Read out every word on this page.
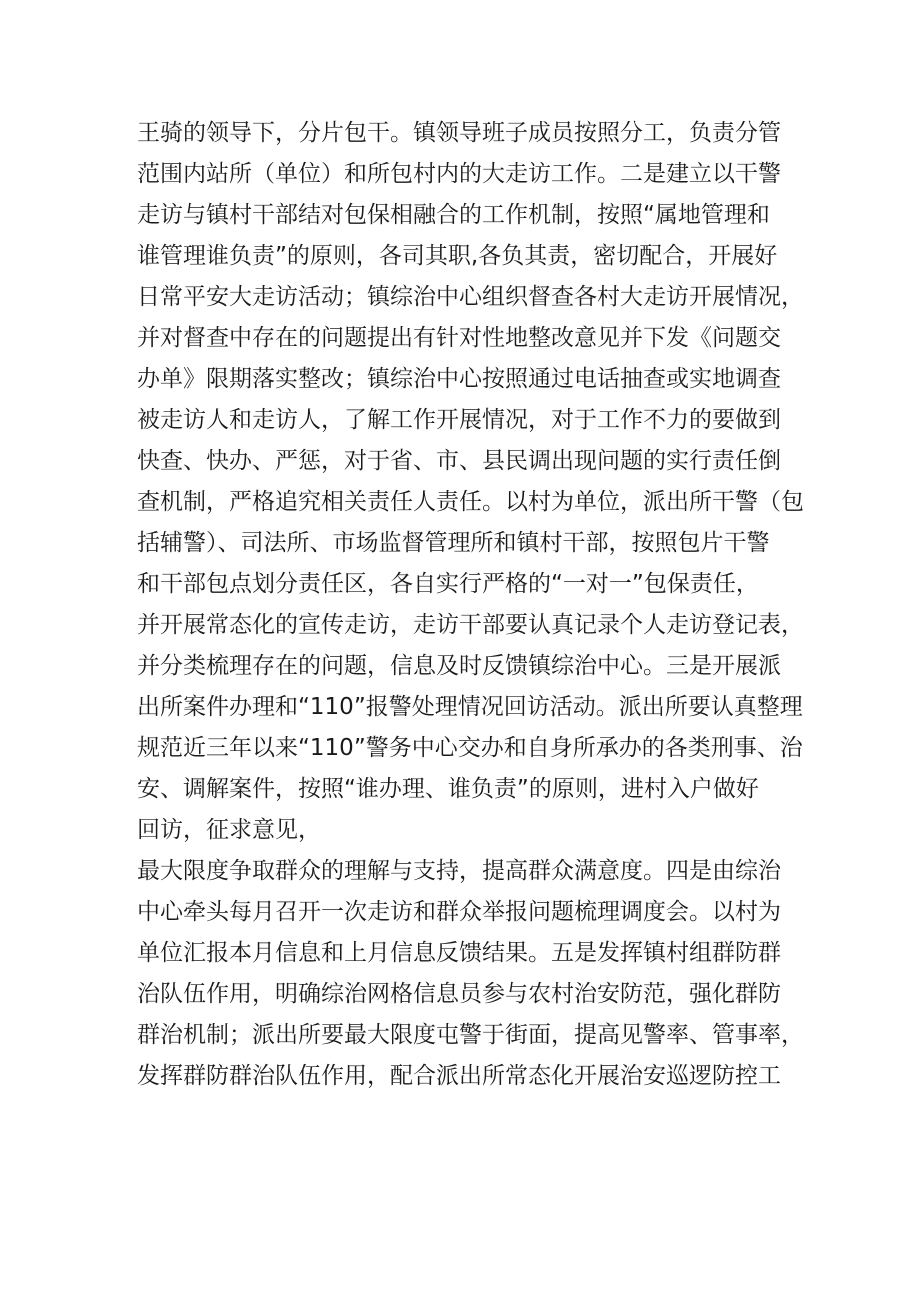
王骑的领导下，分片包干。镇领导班子成员按照分工，负责分管
范围内站所（单位）和所包村内的大走访工作。二是建立以干警
走访与镇村干部结对包保相融合的工作机制，按照“属地管理和
谁管理谁负责”的原则，各司其职,各负其责，密切配合，开展好
日常平安大走访活动；镇综治中心组织督查各村大走访开展情况，
并对督查中存在的问题提出有针对性地整改意见并下发《问题交
办单》限期落实整改；镇综治中心按照通过电话抽查或实地调查
被走访人和走访人，了解工作开展情况，对于工作不力的要做到
快查、快办、严惩，对于省、市、县民调出现问题的实行责任倒
查机制，严格追究相关责任人责任。以村为单位，派出所干警（包
括辅警）、司法所、市场监督管理所和镇村干部，按照包片干警
和干部包点划分责任区，各自实行严格的“一对一”包保责任，
并开展常态化的宣传走访，走访干部要认真记录个人走访登记表，
并分类梳理存在的问题，信息及时反馈镇综治中心。三是开展派
出所案件办理和“110”报警处理情况回访活动。派出所要认真整理
规范近三年以来“110”警务中心交办和自身所承办的各类刑事、治
安、调解案件，按照“谁办理、谁负责”的原则，进村入户做好
回访，征求意见，
最大限度争取群众的理解与支持，提高群众满意度。四是由综治
中心牵头每月召开一次走访和群众举报问题梳理调度会。以村为
单位汇报本月信息和上月信息反馈结果。五是发挥镇村组群防群
治队伍作用，明确综治网格信息员参与农村治安防范，强化群防
群治机制；派出所要最大限度屯警于街面，提高见警率、管事率，
发挥群防群治队伍作用，配合派出所常态化开展治安巡逻防控工
